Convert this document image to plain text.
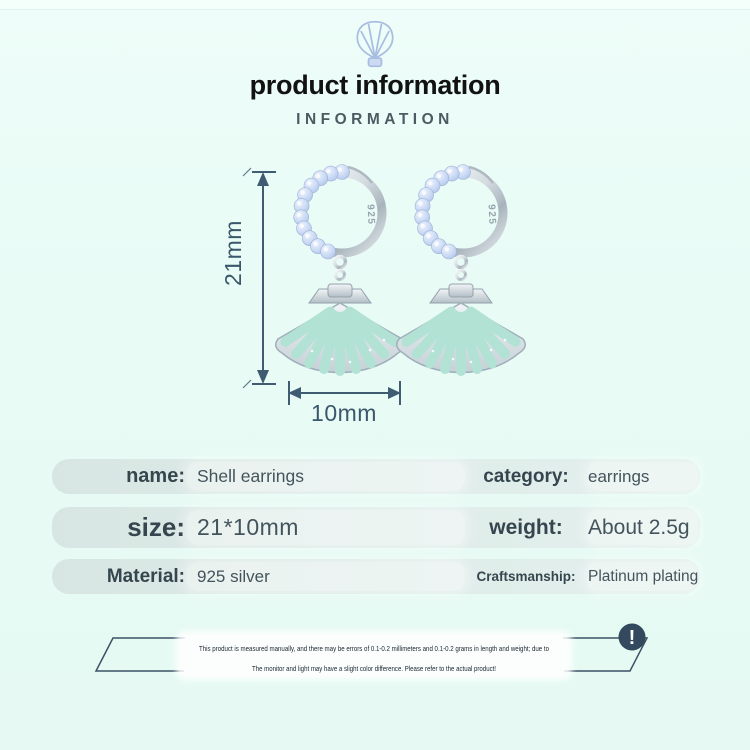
product information
INFORMATION
21mm
10mm
925	925
name: Shell earrings	category: earrings
size: 21*10mm	weight: About 2.5g
Material: 925 silver	Craftsmanship: Platinum plating
This product is measured manually, and there may be errors of 0.1-0.2 millimeters and 0.1-0.2 grams in length and weight; due to
The monitor and light may have a slight color difference. Please refer to the actual product!
!
